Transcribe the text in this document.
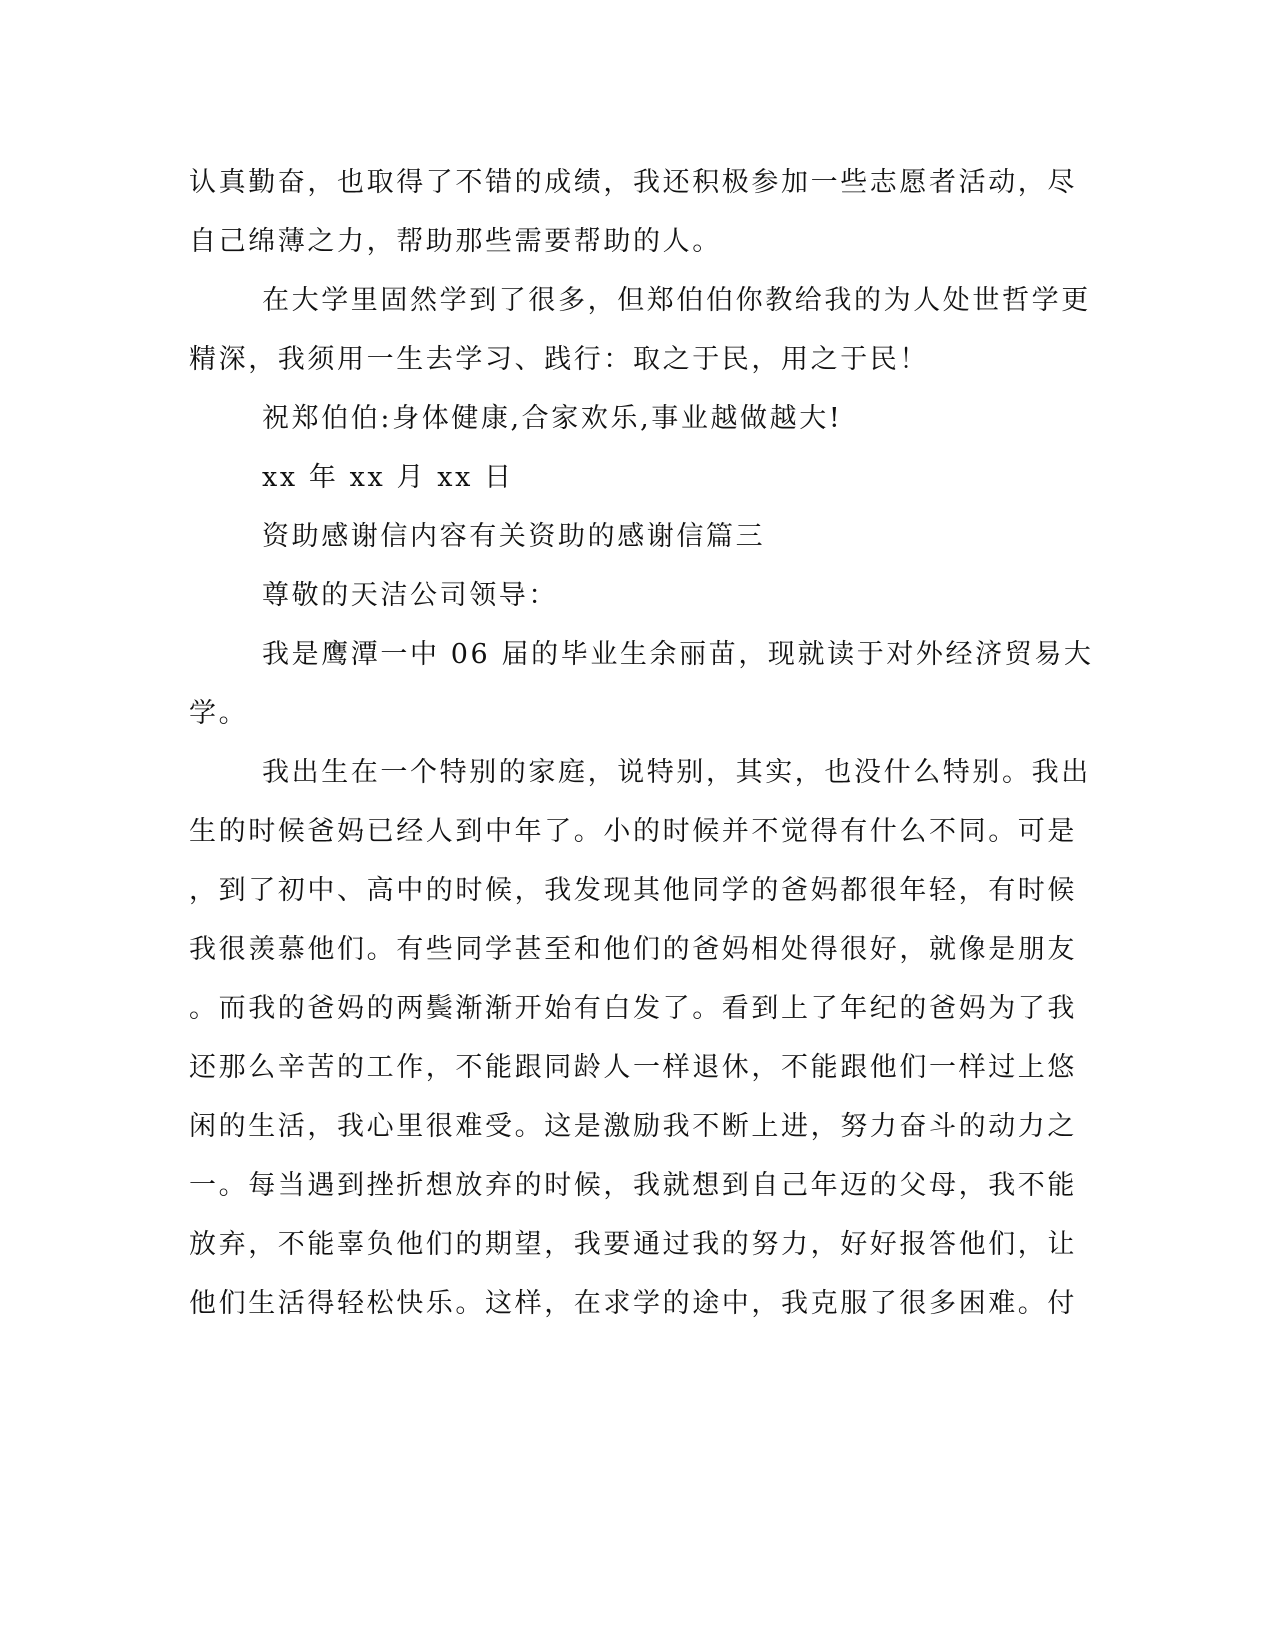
认真勤奋，也取得了不错的成绩，我还积极参加一些志愿者活动，尽
自己绵薄之力，帮助那些需要帮助的人。
在大学里固然学到了很多，但郑伯伯你教给我的为人处世哲学更
精深，我须用一生去学习、践行：取之于民，用之于民！
祝郑伯伯:身体健康,合家欢乐,事业越做越大!
xx 年 xx 月 xx 日
资助感谢信内容有关资助的感谢信篇三
尊敬的天洁公司领导：
我是鹰潭一中 06 届的毕业生余丽苗，现就读于对外经济贸易大
学。
我出生在一个特别的家庭，说特别，其实，也没什么特别。我出
生的时候爸妈已经人到中年了。小的时候并不觉得有什么不同。可是
，到了初中、高中的时候，我发现其他同学的爸妈都很年轻，有时候
我很羡慕他们。有些同学甚至和他们的爸妈相处得很好，就像是朋友
。而我的爸妈的两鬓渐渐开始有白发了。看到上了年纪的爸妈为了我
还那么辛苦的工作，不能跟同龄人一样退休，不能跟他们一样过上悠
闲的生活，我心里很难受。这是激励我不断上进，努力奋斗的动力之
一。每当遇到挫折想放弃的时候，我就想到自己年迈的父母，我不能
放弃，不能辜负他们的期望，我要通过我的努力，好好报答他们，让
他们生活得轻松快乐。这样，在求学的途中，我克服了很多困难。付
